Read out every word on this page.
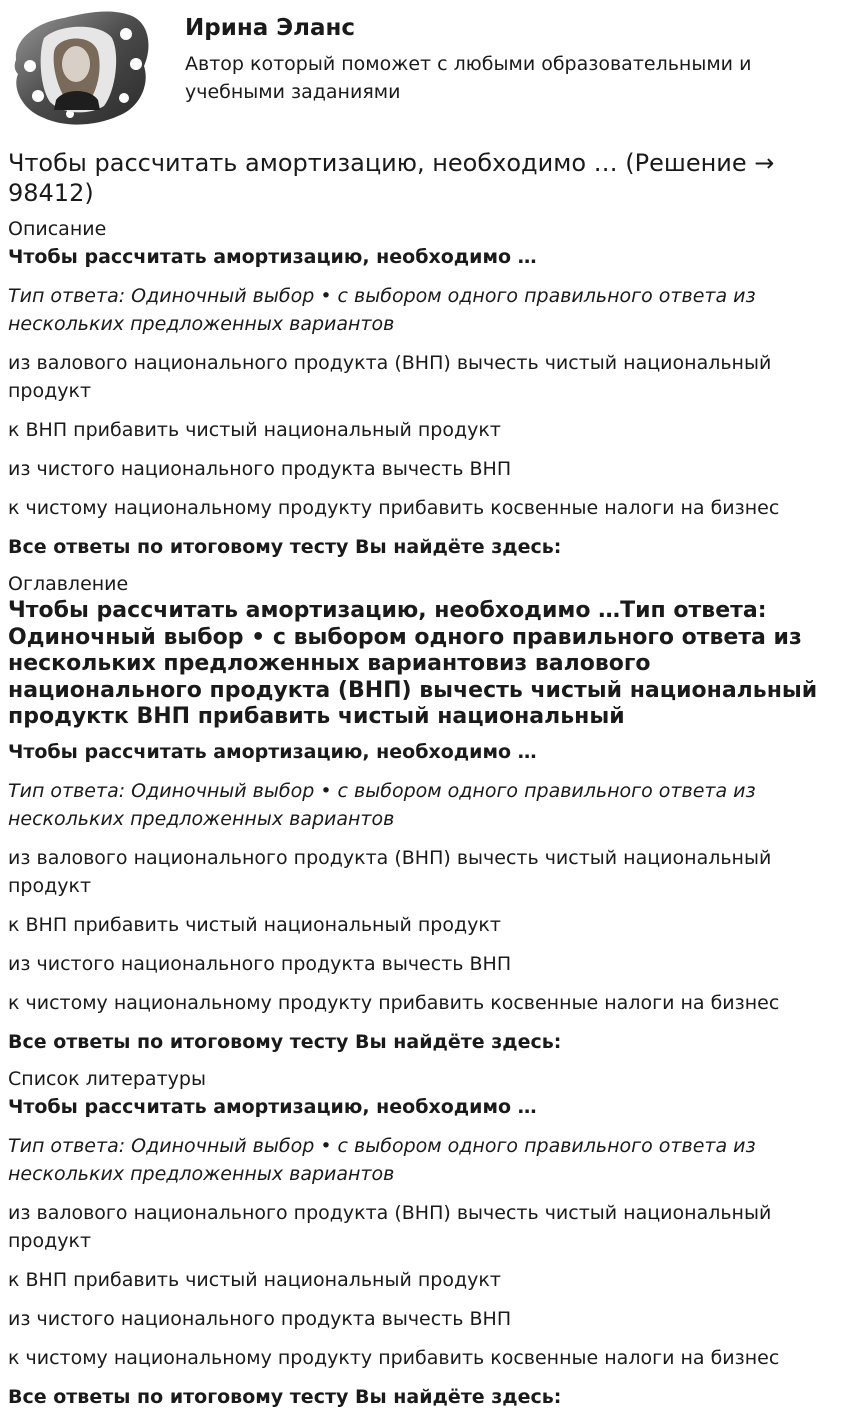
Ирина Эланс
Автор который поможет с любыми образовательными и учебными заданиями
Чтобы рассчитать амортизацию, необходимо … (Решение → 98412)
Описание

Чтобы рассчитать амортизацию, необходимо …

Тип ответа: Одиночный выбор • с выбором одного правильного ответа из нескольких предложенных вариантов

из валового национального продукта (ВНП) вычесть чистый национальный продукт

к ВНП прибавить чистый национальный продукт

из чистого национального продукта вычесть ВНП

к чистому национальному продукту прибавить косвенные налоги на бизнес

Все ответы по итоговому тесту Вы найдёте здесь:

Оглавление
Чтобы рассчитать амортизацию, необходимо …Тип ответа: Одиночный выбор • с выбором одного правильного ответа из нескольких предложенных вариантовиз валового национального продукта (ВНП) вычесть чистый национальный продуктк ВНП прибавить чистый национальный

Чтобы рассчитать амортизацию, необходимо …

Тип ответа: Одиночный выбор • с выбором одного правильного ответа из нескольких предложенных вариантов

из валового национального продукта (ВНП) вычесть чистый национальный продукт

к ВНП прибавить чистый национальный продукт

из чистого национального продукта вычесть ВНП

к чистому национальному продукту прибавить косвенные налоги на бизнес

Все ответы по итоговому тесту Вы найдёте здесь:

Список литературы

Чтобы рассчитать амортизацию, необходимо …

Тип ответа: Одиночный выбор • с выбором одного правильного ответа из нескольких предложенных вариантов

из валового национального продукта (ВНП) вычесть чистый национальный продукт

к ВНП прибавить чистый национальный продукт

из чистого национального продукта вычесть ВНП

к чистому национальному продукту прибавить косвенные налоги на бизнес

Все ответы по итоговому тесту Вы найдёте здесь:
